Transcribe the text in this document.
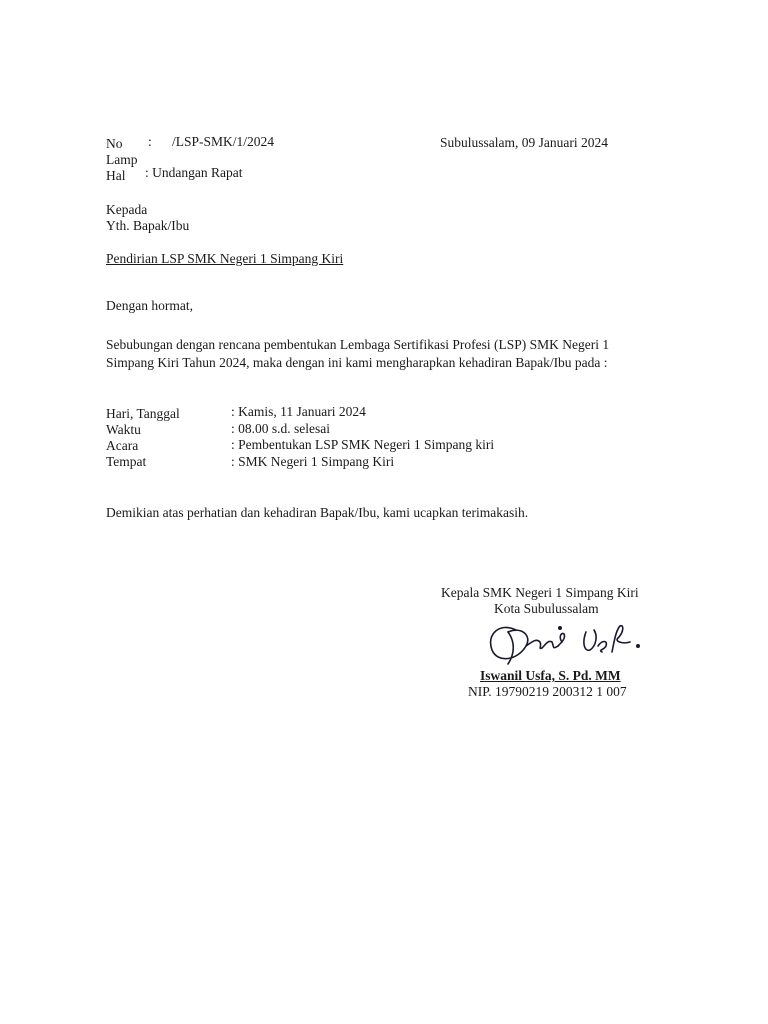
No : /LSP-SMK/1/2024	Subulussalam, 09 Januari 2024
Lamp
Hal : Undangan Rapat
Kepada
Yth. Bapak/Ibu
Pendirian LSP SMK Negeri 1 Simpang Kiri
Dengan hormat,
Sebubungan dengan rencana pembentukan Lembaga Sertifikasi Profesi (LSP) SMK Negeri 1
Simpang Kiri Tahun 2024, maka dengan ini kami mengharapkan kehadiran Bapak/Ibu pada :
Hari, Tanggal	: Kamis, 11 Januari 2024
Waktu	: 08.00 s.d. selesai
Acara	: Pembentukan LSP SMK Negeri 1 Simpang kiri
Tempat	: SMK Negeri 1 Simpang Kiri
Demikian atas perhatian dan kehadiran Bapak/Ibu, kami ucapkan terimakasih.
Kepala SMK Negeri 1 Simpang Kiri
Kota Subulussalam
Iswanil Usfa, S. Pd. MM
NIP. 19790219 200312 1 007
